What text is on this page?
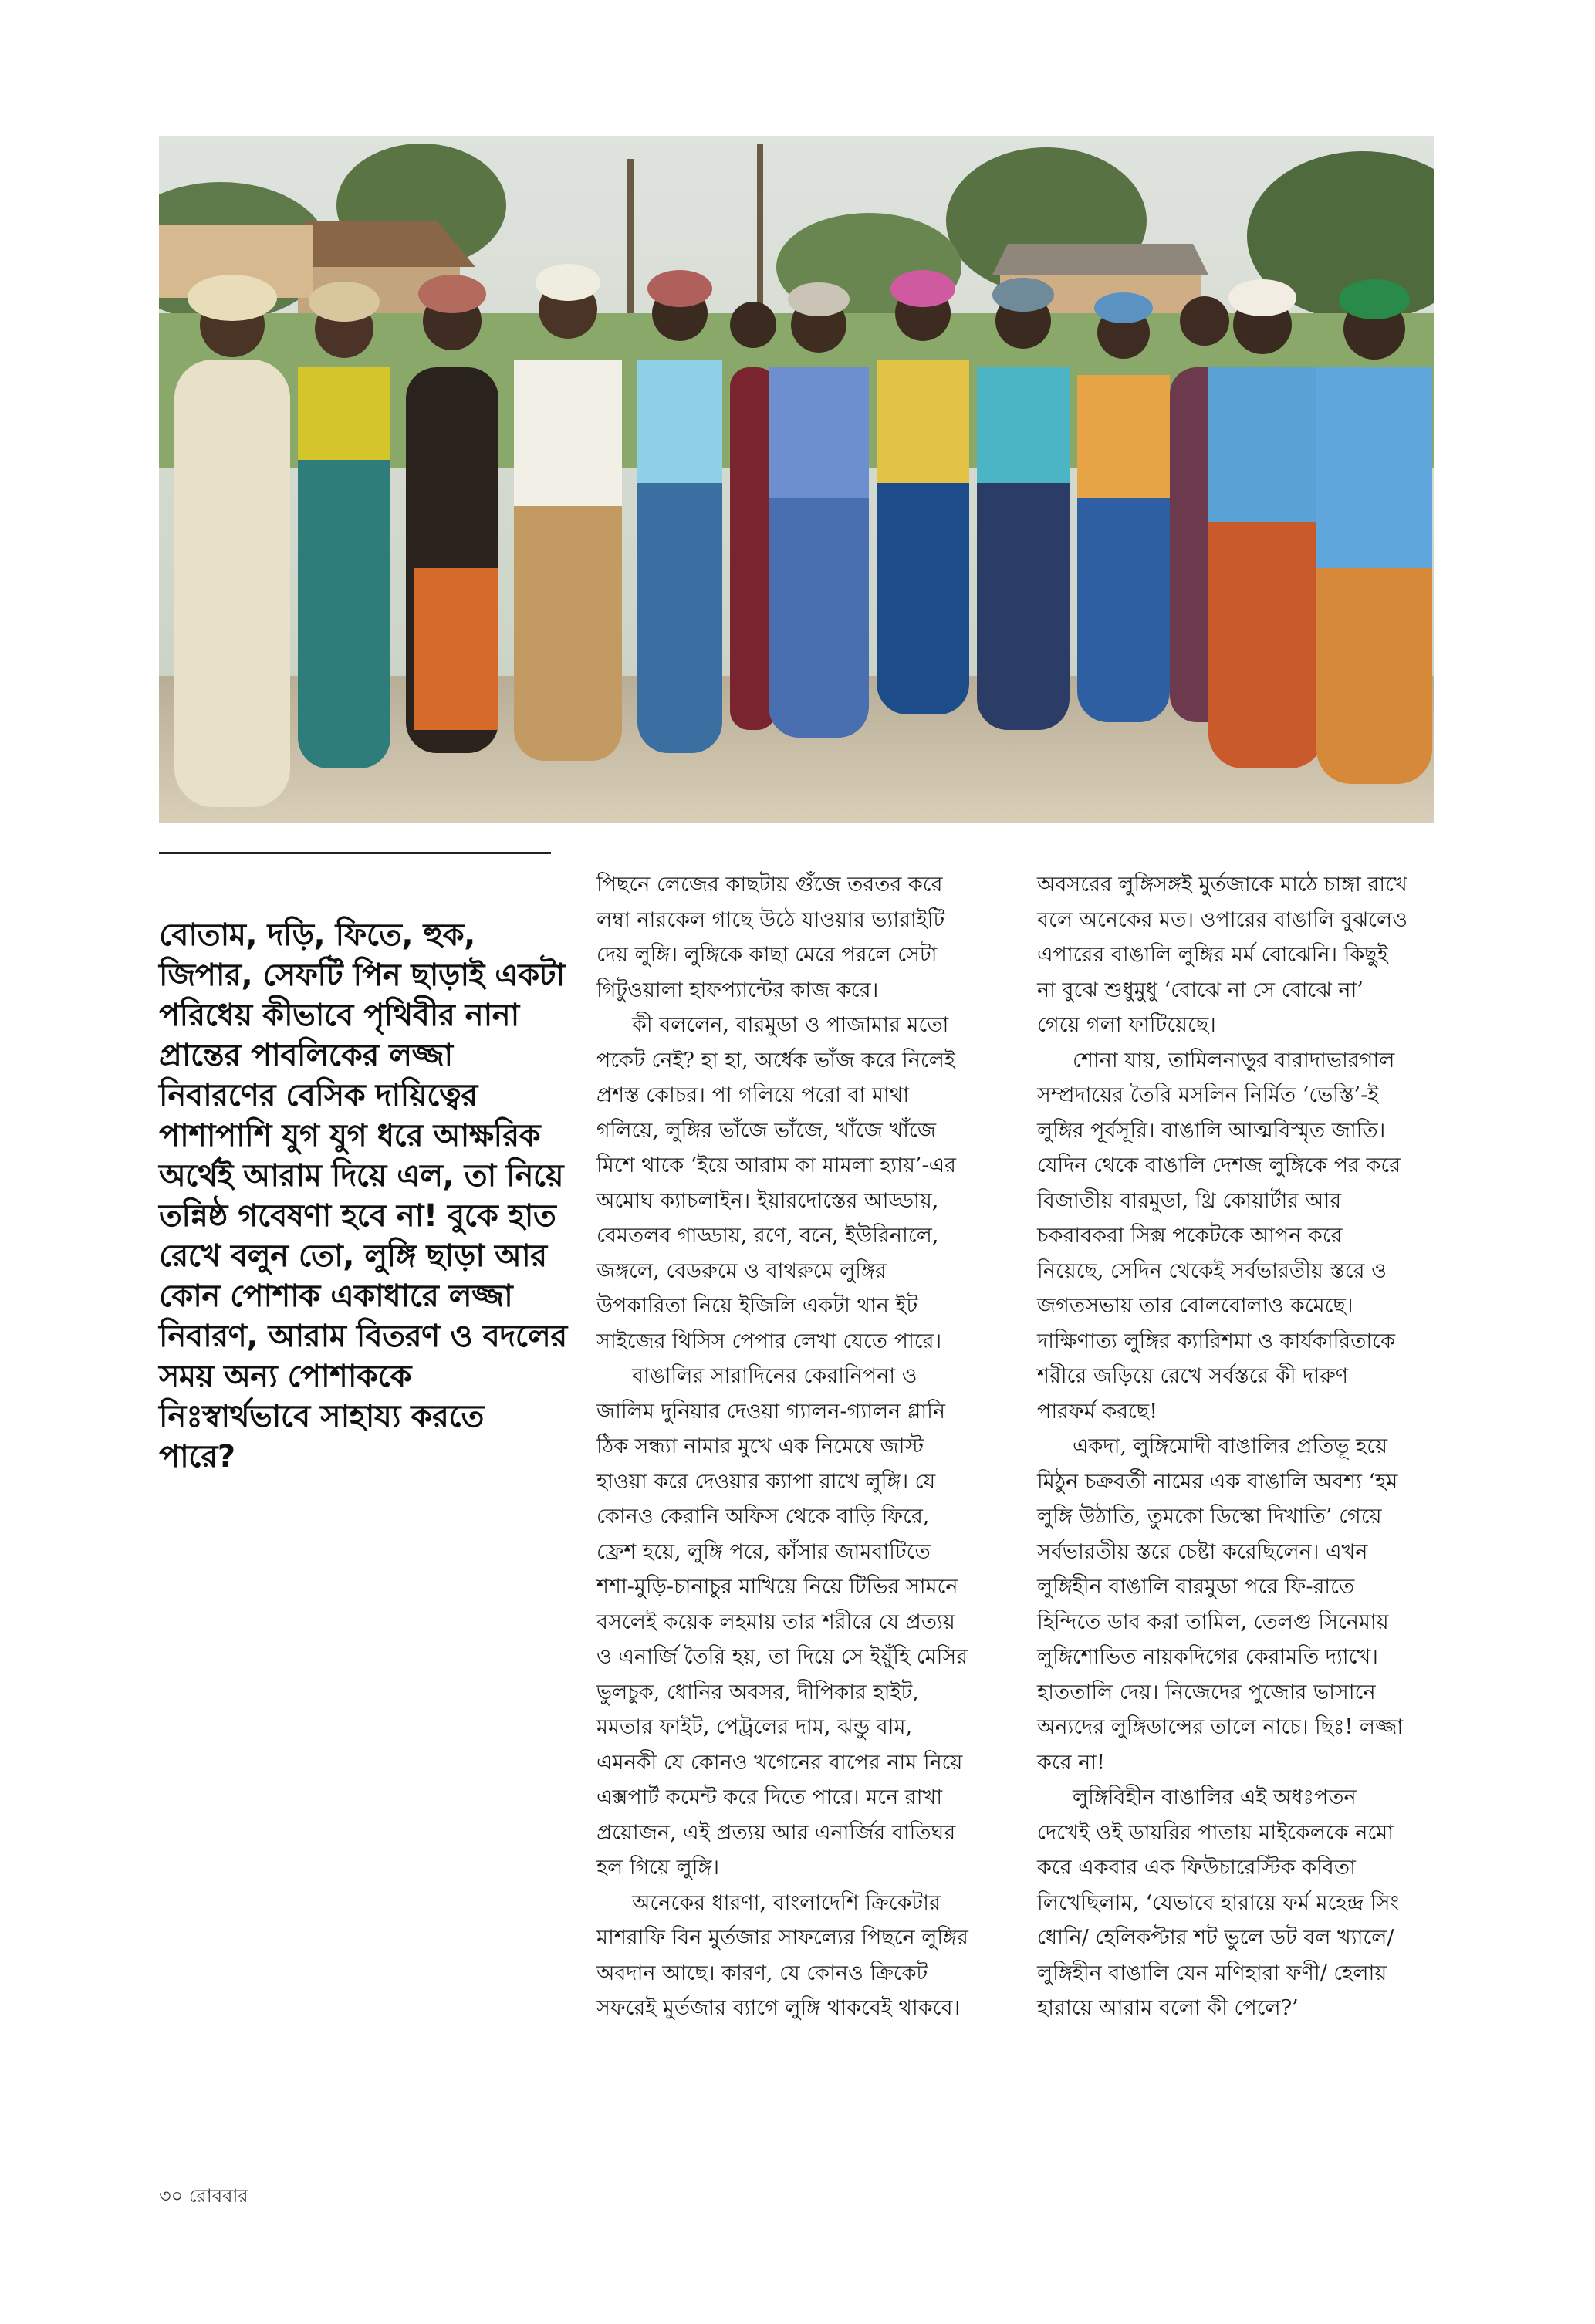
বোতাম, দড়ি, ফিতে, হুক, জিপার, সেফটি পিন ছাড়াই একটা পরিধেয় কীভাবে পৃথিবীর নানা প্রান্তের পাবলিকের লজ্জা নিবারণের বেসিক দায়িত্বের পাশাপাশি যুগ যুগ ধরে আক্ষরিক অর্থেই আরাম দিয়ে এল, তা নিয়ে তন্নিষ্ঠ গবেষণা হবে না! বুকে হাত রেখে বলুন তো, লুঙ্গি ছাড়া আর কোন পোশাক একাধারে লজ্জা নিবারণ, আরাম বিতরণ ও বদলের সময় অন্য পোশাককে নিঃস্বার্থভাবে সাহায্য করতে পারে?

পিছনে লেজের কাছটায় গুঁজে তরতর করে লম্বা নারকেল গাছে উঠে যাওয়ার ভ্যারাইটি দেয় লুঙ্গি। লুঙ্গিকে কাছা মেরে পরলে সেটা গিটুওয়ালা হাফপ্যান্টের কাজ করে।

কী বললেন, বারমুডা ও পাজামার মতো পকেট নেই? হা হা, অর্ধেক ভাঁজ করে নিলেই প্রশস্ত কোচর। পা গলিয়ে পরো বা মাথা গলিয়ে, লুঙ্গির ভাঁজে ভাঁজে, খাঁজে খাঁজে মিশে থাকে ‘ইয়ে আরাম কা মামলা হ্যায়’-এর অমোঘ ক্যাচলাইন। ইয়ারদোস্তের আড্ডায়, বেমতলব গাড্ডায়, রণে, বনে, ইউরিনালে, জঙ্গলে, বেডরুমে ও বাথরুমে লুঙ্গির উপকারিতা নিয়ে ইজিলি একটা থান ইট সাইজের থিসিস পেপার লেখা যেতে পারে।

বাঙালির সারাদিনের কেরানিপনা ও জালিম দুনিয়ার দেওয়া গ্যালন-গ্যালন গ্লানি ঠিক সন্ধ্যা নামার মুখে এক নিমেষে জাস্ট হাওয়া করে দেওয়ার ক্যাপা রাখে লুঙ্গি। যে কোনও কেরানি অফিস থেকে বাড়ি ফিরে, ফ্রেশ হয়ে, লুঙ্গি পরে, কাঁসার জামবাটিতে শশা-মুড়ি-চানাচুর মাখিয়ে নিয়ে টিভির সামনে বসলেই কয়েক লহমায় তার শরীরে যে প্রত্যয় ও এনার্জি তৈরি হয়, তা দিয়ে সে ইয়ুঁহি মেসির ভুলচুক, ধোনির অবসর, দীপিকার হাইট, মমতার ফাইট, পেট্রলের দাম, ঝন্ডু বাম, এমনকী যে কোনও খগেনের বাপের নাম নিয়ে এক্সপার্ট কমেন্ট করে দিতে পারে। মনে রাখা প্রয়োজন, এই প্রত্যয় আর এনার্জির বাতিঘর হল গিয়ে লুঙ্গি।

অনেকের ধারণা, বাংলাদেশি ক্রিকেটার মাশরাফি বিন মুর্তজার সাফল্যের পিছনে লুঙ্গির অবদান আছে। কারণ, যে কোনও ক্রিকেট সফরেই মুর্তজার ব্যাগে লুঙ্গি থাকবেই থাকবে।

অবসরের লুঙ্গিসঙ্গই মুর্তজাকে মাঠে চাঙ্গা রাখে বলে অনেকের মত। ওপারের বাঙালি বুঝলেও এপারের বাঙালি লুঙ্গির মর্ম বোঝেনি। কিছুই না বুঝে শুধুমুধু ‘বোঝে না সে বোঝে না’ গেয়ে গলা ফাটিয়েছে।

শোনা যায়, তামিলনাড়ুর বারাদাভারগাল সম্প্রদায়ের তৈরি মসলিন নির্মিত ‘ভেস্তি’-ই লুঙ্গির পূর্বসূরি। বাঙালি আত্মবিস্মৃত জাতি। যেদিন থেকে বাঙালি দেশজ লুঙ্গিকে পর করে বিজাতীয় বারমুডা, থ্রি কোয়ার্টার আর চকরাবকরা সিক্স পকেটকে আপন করে নিয়েছে, সেদিন থেকেই সর্বভারতীয় স্তরে ও জগতসভায় তার বোলবোলাও কমেছে। দাক্ষিণাত্য লুঙ্গির ক্যারিশমা ও কার্যকারিতাকে শরীরে জড়িয়ে রেখে সর্বস্তরে কী দারুণ পারফর্ম করছে!

একদা, লুঙ্গিমোদী বাঙালির প্রতিভূ হয়ে মিঠুন চক্রবর্তী নামের এক বাঙালি অবশ্য ‘হম লুঙ্গি উঠাতি, তুমকো ডিস্কো দিখাতি’ গেয়ে সর্বভারতীয় স্তরে চেষ্টা করেছিলেন। এখন লুঙ্গিহীন বাঙালি বারমুডা পরে ফি-রাতে হিন্দিতে ডাব করা তামিল, তেলগু সিনেমায় লুঙ্গিশোভিত নায়কদিগের কেরামতি দ্যাখে। হাততালি দেয়। নিজেদের পুজোর ভাসানে অন্যদের লুঙ্গিডান্সের তালে নাচে। ছিঃ! লজ্জা করে না!

লুঙ্গিবিহীন বাঙালির এই অধঃপতন দেখেই ওই ডায়রির পাতায় মাইকেলকে নমো করে একবার এক ফিউচারেস্টিক কবিতা লিখেছিলাম, ‘যেভাবে হারায়ে ফর্ম মহেন্দ্র সিং ধোনি/ হেলিকপ্টার শট ভুলে ডট বল খ্যালে/ লুঙ্গিহীন বাঙালি যেন মণিহারা ফণী/ হেলায় হারায়ে আরাম বলো কী পেলে?’

৩০ রোববার
